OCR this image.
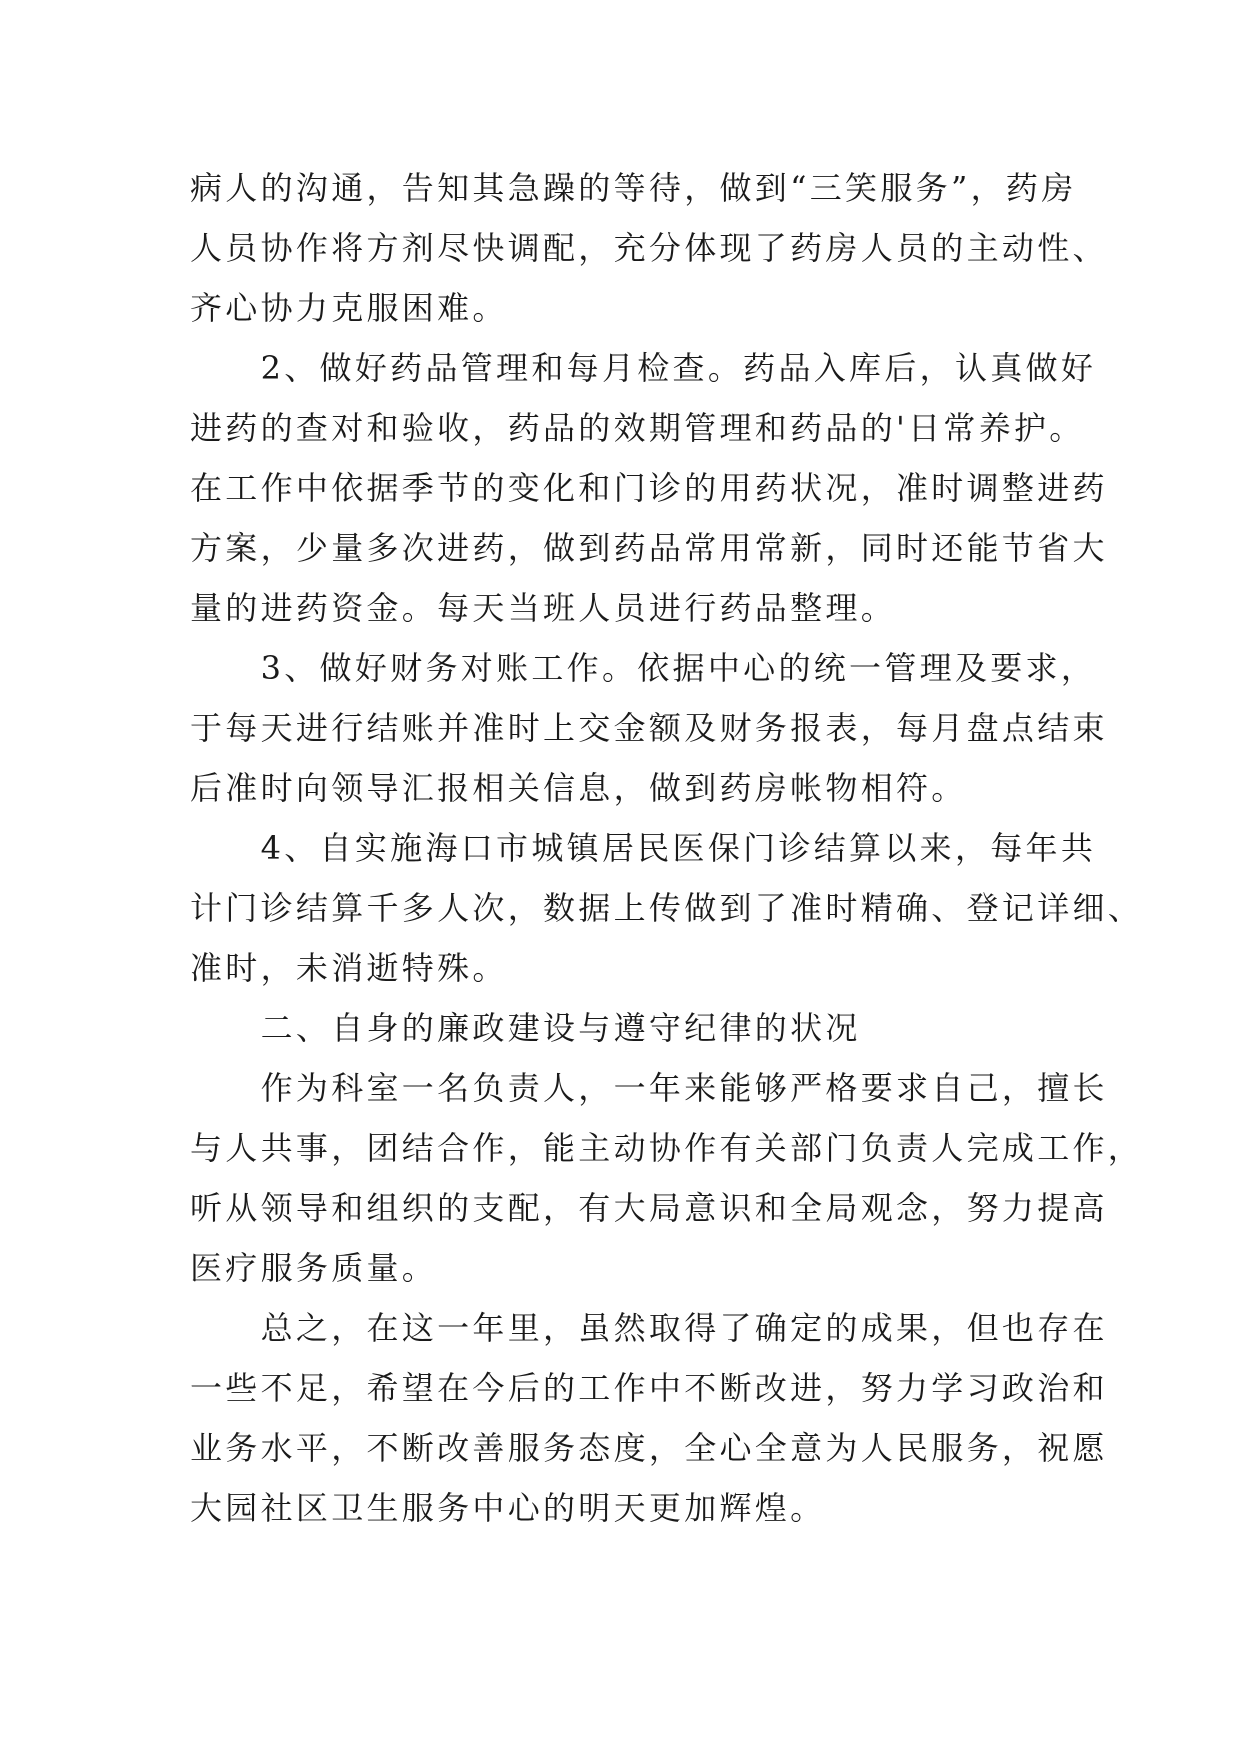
病人的沟通，告知其急躁的等待，做到“三笑服务”，药房
人员协作将方剂尽快调配，充分体现了药房人员的主动性、
齐心协力克服困难。

　　2、做好药品管理和每月检查。药品入库后，认真做好
进药的查对和验收，药品的效期管理和药品的'日常养护。
在工作中依据季节的变化和门诊的用药状况，准时调整进药
方案，少量多次进药，做到药品常用常新，同时还能节省大
量的进药资金。每天当班人员进行药品整理。

　　3、做好财务对账工作。依据中心的统一管理及要求，
于每天进行结账并准时上交金额及财务报表，每月盘点结束
后准时向领导汇报相关信息，做到药房帐物相符。

　　4、自实施海口市城镇居民医保门诊结算以来，每年共
计门诊结算千多人次，数据上传做到了准时精确、登记详细、
准时，未消逝特殊。

　　二、自身的廉政建设与遵守纪律的状况

　　作为科室一名负责人，一年来能够严格要求自己，擅长
与人共事，团结合作，能主动协作有关部门负责人完成工作，
听从领导和组织的支配，有大局意识和全局观念，努力提高
医疗服务质量。

　　总之，在这一年里，虽然取得了确定的成果，但也存在
一些不足，希望在今后的工作中不断改进，努力学习政治和
业务水平，不断改善服务态度，全心全意为人民服务，祝愿
大园社区卫生服务中心的明天更加辉煌。
